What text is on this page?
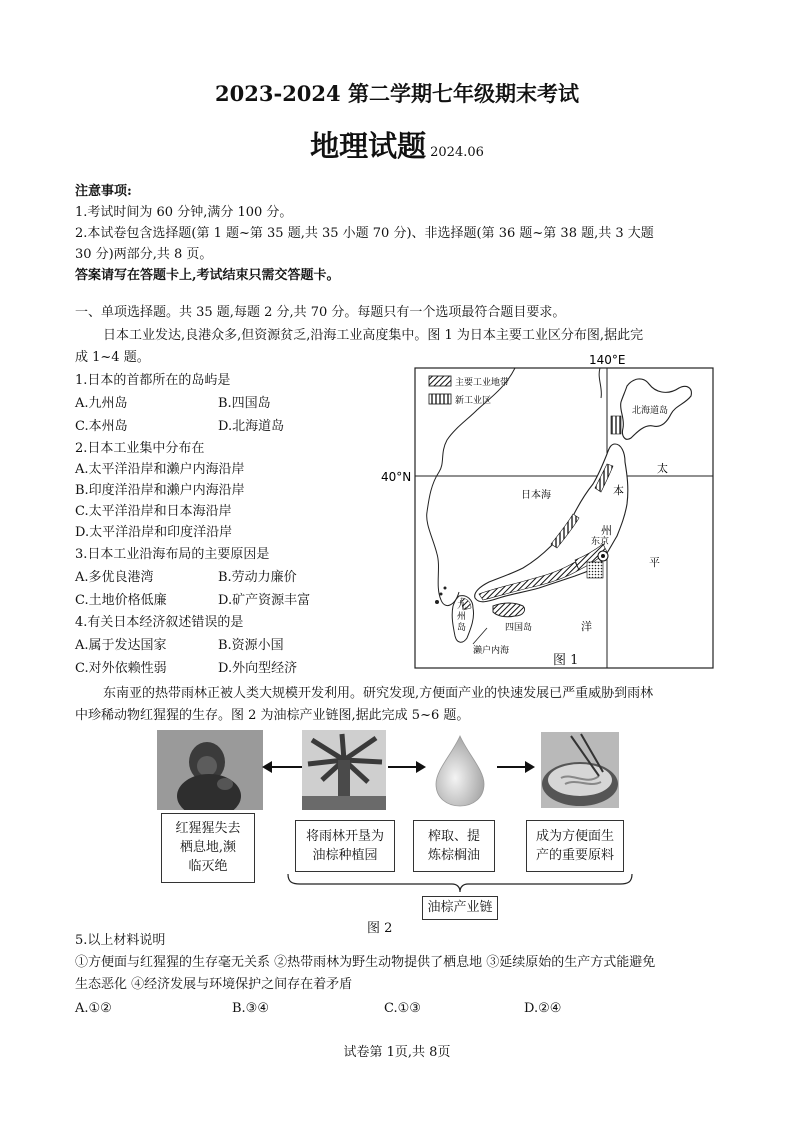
2023-2024 第二学期七年级期末考试
地理试题 2024.06
注意事项:
1.考试时间为 60 分钟,满分 100 分。
2.本试卷包含选择题(第 1 题~第 35 题,共 35 小题 70 分)、非选择题(第 36 题~第 38 题,共 3 大题
30 分)两部分,共 8 页。
答案请写在答题卡上,考试结束只需交答题卡。
一、单项选择题。共 35 题,每题 2 分,共 70 分。每题只有一个选项最符合题目要求。
日本工业发达,良港众多,但资源贫乏,沿海工业高度集中。图 1 为日本主要工业区分布图,据此完
成 1~4 题。
1.日本的首都所在的岛屿是
A.九州岛	B.四国岛
C.本州岛	D.北海道岛
2.日本工业集中分布在
A.太平洋沿岸和濑户内海沿岸
B.印度洋沿岸和濑户内海沿岸
C.太平洋沿岸和日本海沿岸
D.太平洋沿岸和印度洋沿岸
3.日本工业沿海布局的主要原因是
A.多优良港湾	B.劳动力廉价
C.土地价格低廉	D.矿产资源丰富
4.有关日本经济叙述错误的是
A.属于发达国家	B.资源小国
C.对外依赖性弱	D.外向型经济
140°E
40°N
主要工业地带
新工业区
北海道岛
东京
四国岛
九
州
岛
濑户内海
日本海	本
州
太
平
洋
图 1
东南亚的热带雨林正被人类大规模开发利用。研究发现,方便面产业的快速发展已严重威胁到雨林
中珍稀动物红猩猩的生存。图 2 为油棕产业链图,据此完成 5~6 题。
红猩猩失去
栖息地,濒
临灭绝
将雨林开垦为
油棕种植园
榨取、提
炼棕榈油
成为方便面生
产的重要原料
油棕产业链
图 2
5.以上材料说明
①方便面与红猩猩的生存毫无关系 ②热带雨林为野生动物提供了栖息地 ③延续原始的生产方式能避免
生态恶化 ④经济发展与环境保护之间存在着矛盾
A.①②	B.③④	C.①③	D.②④
试卷第 1页,共 8页
